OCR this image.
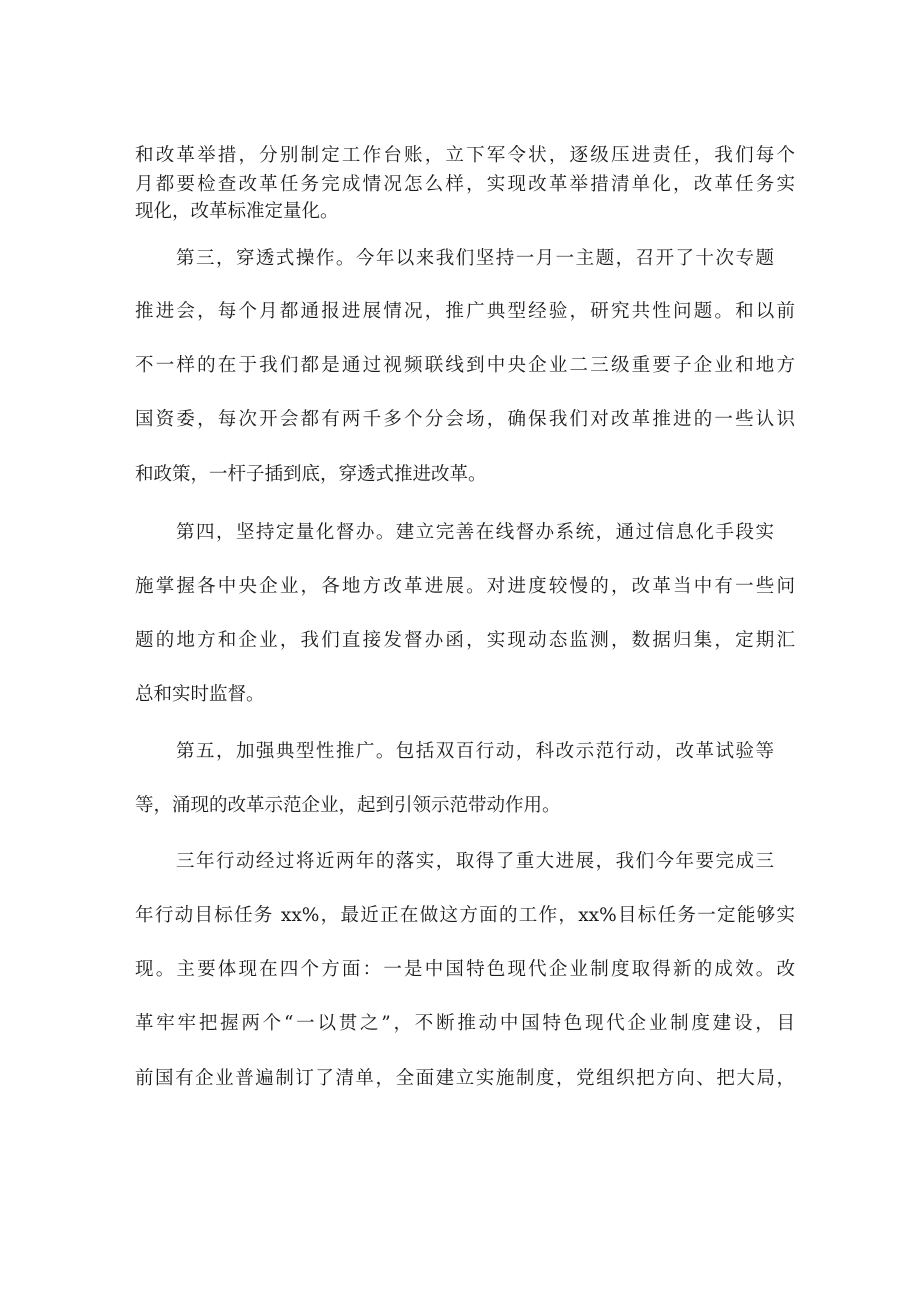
和改革举措，分别制定工作台账，立下军令状，逐级压进责任，我们每个
月都要检查改革任务完成情况怎么样，实现改革举措清单化，改革任务实
现化，改革标准定量化。
第三，穿透式操作。今年以来我们坚持一月一主题，召开了十次专题
推进会，每个月都通报进展情况，推广典型经验，研究共性问题。和以前
不一样的在于我们都是通过视频联线到中央企业二三级重要子企业和地方
国资委，每次开会都有两千多个分会场，确保我们对改革推进的一些认识
和政策，一杆子插到底，穿透式推进改革。
第四，坚持定量化督办。建立完善在线督办系统，通过信息化手段实
施掌握各中央企业，各地方改革进展。对进度较慢的，改革当中有一些问
题的地方和企业，我们直接发督办函，实现动态监测，数据归集，定期汇
总和实时监督。
第五，加强典型性推广。包括双百行动，科改示范行动，改革试验等
等，涌现的改革示范企业，起到引领示范带动作用。
三年行动经过将近两年的落实，取得了重大进展，我们今年要完成三
年行动目标任务 xx%，最近正在做这方面的工作，xx%目标任务一定能够实
现。主要体现在四个方面：一是中国特色现代企业制度取得新的成效。改
革牢牢把握两个“一以贯之”，不断推动中国特色现代企业制度建设，目
前国有企业普遍制订了清单，全面建立实施制度，党组织把方向、把大局，
